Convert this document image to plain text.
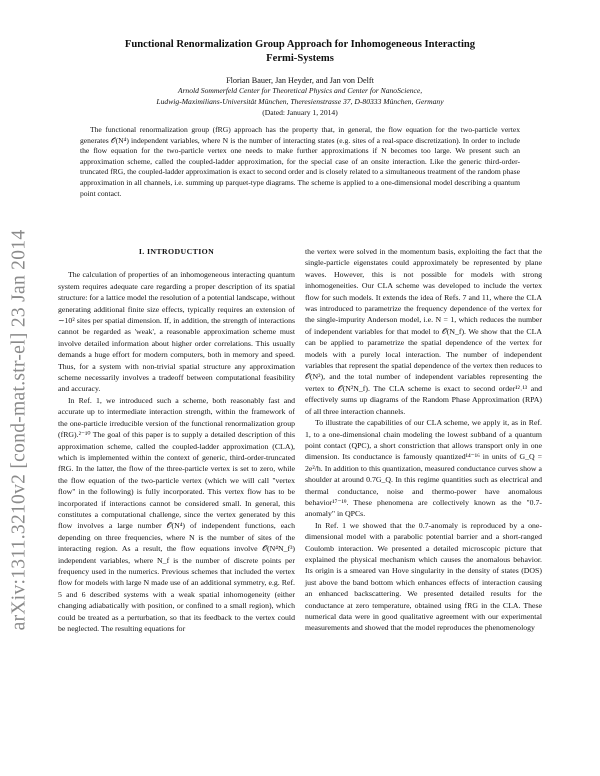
arXiv:1311.3210v2 [cond-mat.str-el] 23 Jan 2014
Functional Renormalization Group Approach for Inhomogeneous Interacting
Fermi-Systems
Florian Bauer, Jan Heyder, and Jan von Delft
Arnold Sommerfeld Center for Theoretical Physics and Center for NanoScience,
Ludwig-Maximilians-Universität München, Theresienstrasse 37, D-80333 München, Germany
(Dated: January 1, 2014)
The functional renormalization group (fRG) approach has the property that, in general, the flow equation for the two-particle vertex generates 𝒪(N⁴) independent variables, where N is the number of interacting states (e.g. sites of a real-space discretization). In order to include the flow equation for the two-particle vertex one needs to make further approximations if N becomes too large. We present such an approximation scheme, called the coupled-ladder approximation, for the special case of an onsite interaction. Like the generic third-order-truncated fRG, the coupled-ladder approximation is exact to second order and is closely related to a simultaneous treatment of the random phase approximation in all channels, i.e. summing up parquet-type diagrams. The scheme is applied to a one-dimensional model describing a quantum point contact.
I. INTRODUCTION

The calculation of properties of an inhomogeneous interacting quantum system requires adequate care regarding a proper description of its spatial structure: for a lattice model the resolution of a potential landscape, without generating additional finite size effects, typically requires an extension of ∼10² sites per spatial dimension. If, in addition, the strength of interactions cannot be regarded as 'weak', a reasonable approximation scheme must involve detailed information about higher order correlations. This usually demands a huge effort for modern computers, both in memory and speed. Thus, for a system with non-trivial spatial structure any approximation scheme necessarily involves a tradeoff between computational feasibility and accuracy.

In Ref. 1, we introduced such a scheme, both reasonably fast and accurate up to intermediate interaction strength, within the framework of the one-particle irreducible version of the functional renormalization group (fRG).²⁻¹⁰ The goal of this paper is to supply a detailed description of this approximation scheme, called the coupled-ladder approximation (CLA), which is implemented within the context of generic, third-order-truncated fRG. In the latter, the flow of the three-particle vertex is set to zero, while the flow equation of the two-particle vertex (which we will call "vertex flow" in the following) is fully incorporated. This vertex flow has to be incorporated if interactions cannot be considered small. In general, this constitutes a computational challenge, since the vertex generated by this flow involves a large number 𝒪(N⁴) of independent functions, each depending on three frequencies, where N is the number of sites of the interacting region. As a result, the flow equations involve 𝒪(N⁴N_f³) independent variables, where N_f is the number of discrete points per frequency used in the numerics. Previous schemes that included the vertex flow for models with large N made use of an additional symmetry, e.g. Ref. 5 and 6 described systems with a weak spatial inhomogeneity (either changing adiabatically with position, or confined to a small region), which could be treated as a perturbation, so that its feedback to the vertex could be neglected. The resulting equations for

the vertex were solved in the momentum basis, exploiting the fact that the single-particle eigenstates could approximately be represented by plane waves. However, this is not possible for models with strong inhomogeneities. Our CLA scheme was developed to include the vertex flow for such models. It extends the idea of Refs. 7 and 11, where the CLA was introduced to parametrize the frequency dependence of the vertex for the single-impurity Anderson model, i.e. N = 1, which reduces the number of independent variables for that model to 𝒪(N_f). We show that the CLA can be applied to parametrize the spatial dependence of the vertex for models with a purely local interaction. The number of independent variables that represent the spatial dependence of the vertex then reduces to 𝒪(N²), and the total number of independent variables representing the vertex to 𝒪(N²N_f). The CLA scheme is exact to second order¹²˒¹³ and effectively sums up diagrams of the Random Phase Approximation (RPA) of all three interaction channels.

To illustrate the capabilities of our CLA scheme, we apply it, as in Ref. 1, to a one-dimensional chain modeling the lowest subband of a quantum point contact (QPC), a short constriction that allows transport only in one dimension. Its conductance is famously quantized¹⁴⁻¹⁶ in units of G_Q = 2e²/h. In addition to this quantization, measured conductance curves show a shoulder at around 0.7G_Q. In this regime quantities such as electrical and thermal conductance, noise and thermo-power have anomalous behavior¹⁷⁻¹⁹. These phenomena are collectively known as the "0.7-anomaly" in QPCs.

In Ref. 1 we showed that the 0.7-anomaly is reproduced by a one-dimensional model with a parabolic potential barrier and a short-ranged Coulomb interaction. We presented a detailed microscopic picture that explained the physical mechanism which causes the anomalous behavior. Its origin is a smeared van Hove singularity in the density of states (DOS) just above the band bottom which enhances effects of interaction causing an enhanced backscattering. We presented detailed results for the conductance at zero temperature, obtained using fRG in the CLA. These numerical data were in good qualitative agreement with our experimental measurements and showed that the model reproduces the phenomenology
